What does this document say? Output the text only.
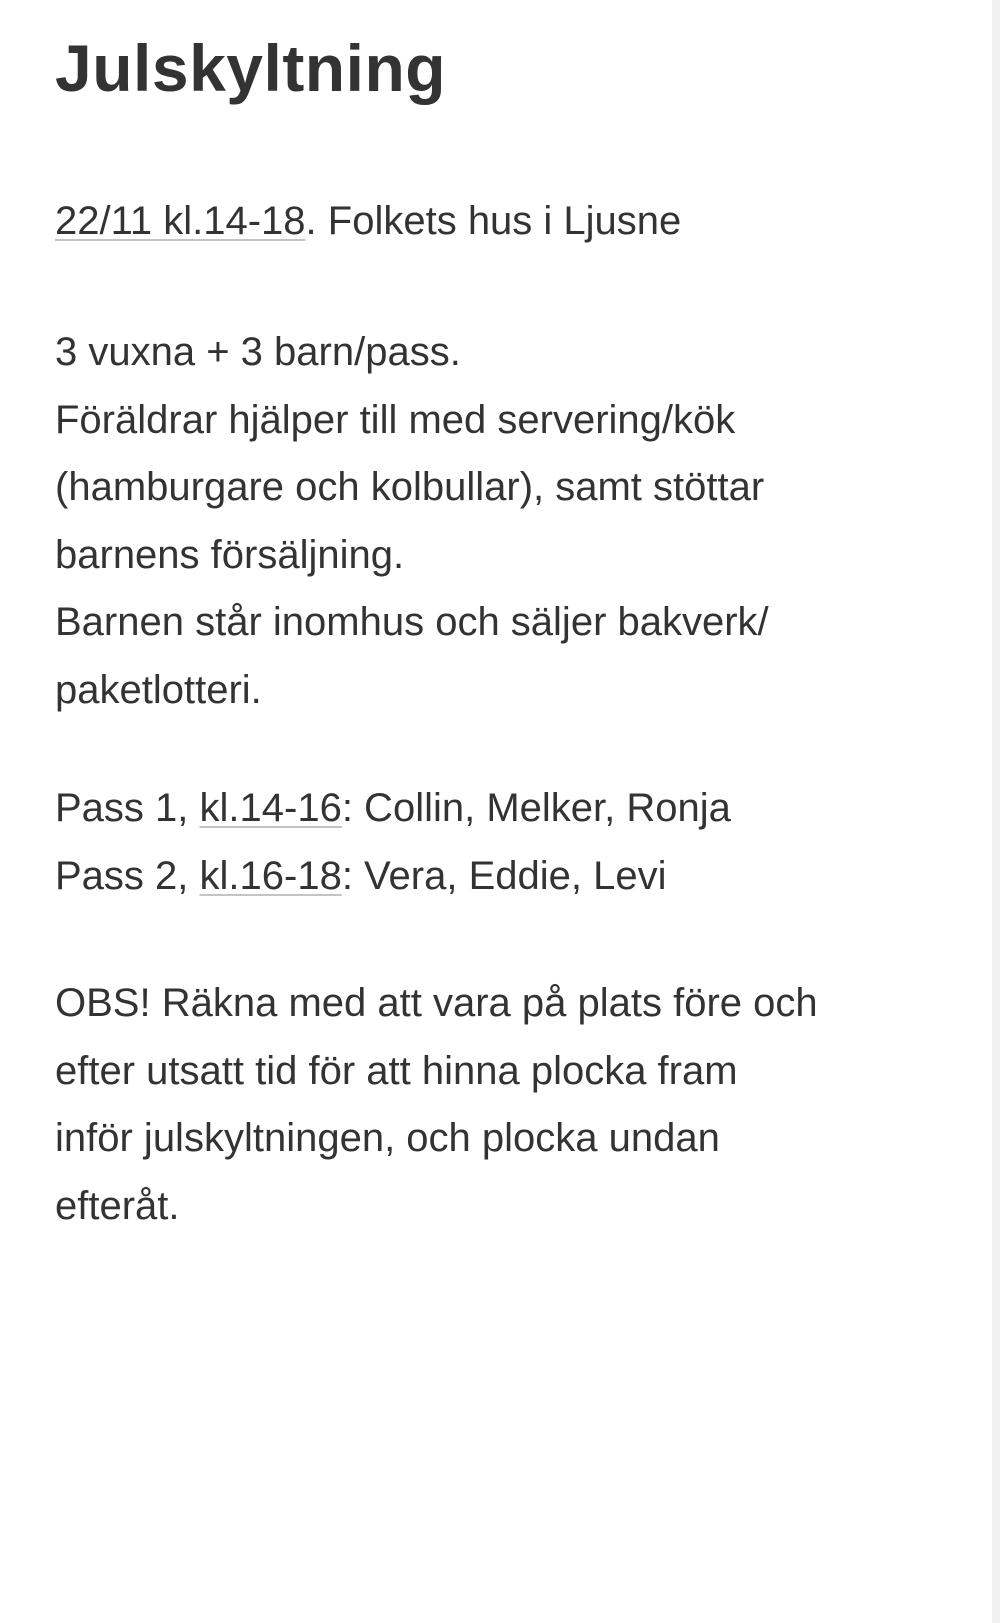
Julskyltning

22/11 kl.14-18. Folkets hus i Ljusne

3 vuxna + 3 barn/pass.
Föräldrar hjälper till med servering/kök
(hamburgare och kolbullar), samt stöttar
barnens försäljning.
Barnen står inomhus och säljer bakverk/
paketlotteri.

Pass 1, kl.14-16: Collin, Melker, Ronja
Pass 2, kl.16-18: Vera, Eddie, Levi

OBS! Räkna med att vara på plats före och
efter utsatt tid för att hinna plocka fram
inför julskyltningen, och plocka undan
efteråt.
